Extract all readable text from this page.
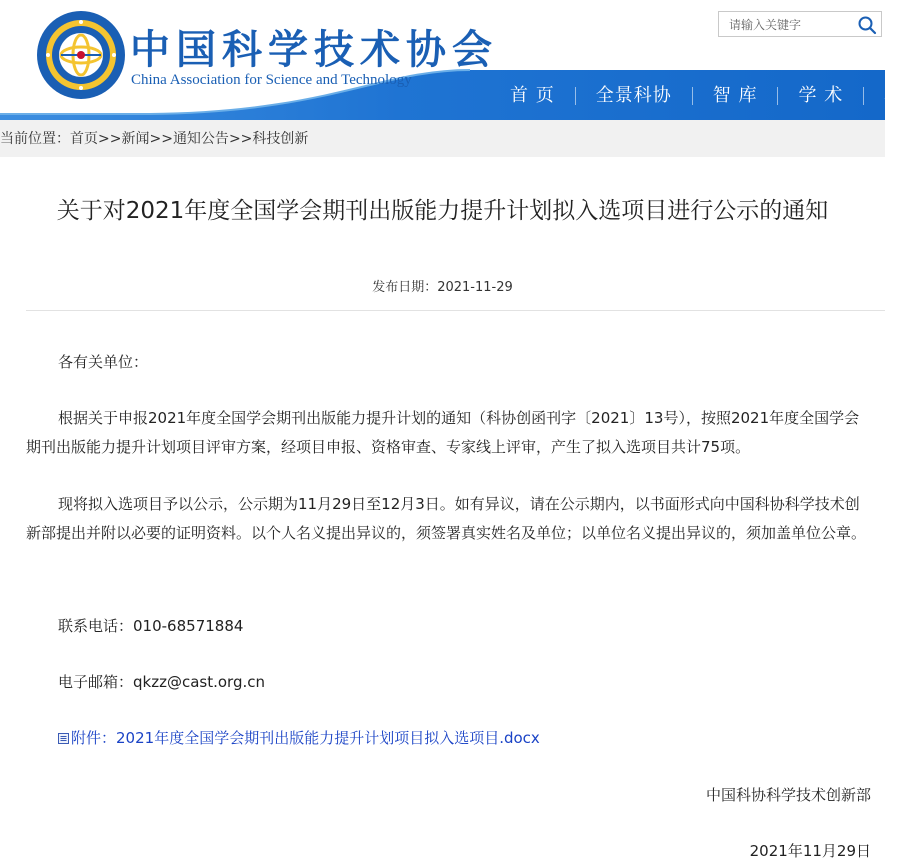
中国科学技术协会
China Association for Science and Technology
请输入关键字
首 页	全景科协	智 库	学 术	科
当前位置：首页>>新闻>>通知公告>>科技创新
关于对2021年度全国学会期刊出版能力提升计划拟入选项目进行公示的通知
发布日期：2021-11-29

各有关单位：

根据关于申报2021年度全国学会期刊出版能力提升计划的通知（科协创函刊字〔2021〕13号），按照2021年度全国学会期刊出版能力提升计划项目评审方案，经项目申报、资格审查、专家线上评审，产生了拟入选项目共计75项。

现将拟入选项目予以公示，公示期为11月29日至12月3日。如有异议，请在公示期内，以书面形式向中国科协科学技术创新部提出并附以必要的证明资料。以个人名义提出异议的，须签署真实姓名及单位；以单位名义提出异议的，须加盖单位公章。

联系电话：010-68571884

电子邮箱：qkzz@cast.org.cn

附件：2021年度全国学会期刊出版能力提升计划项目拟入选项目.docx

中国科协科学技术创新部
2021年11月29日
